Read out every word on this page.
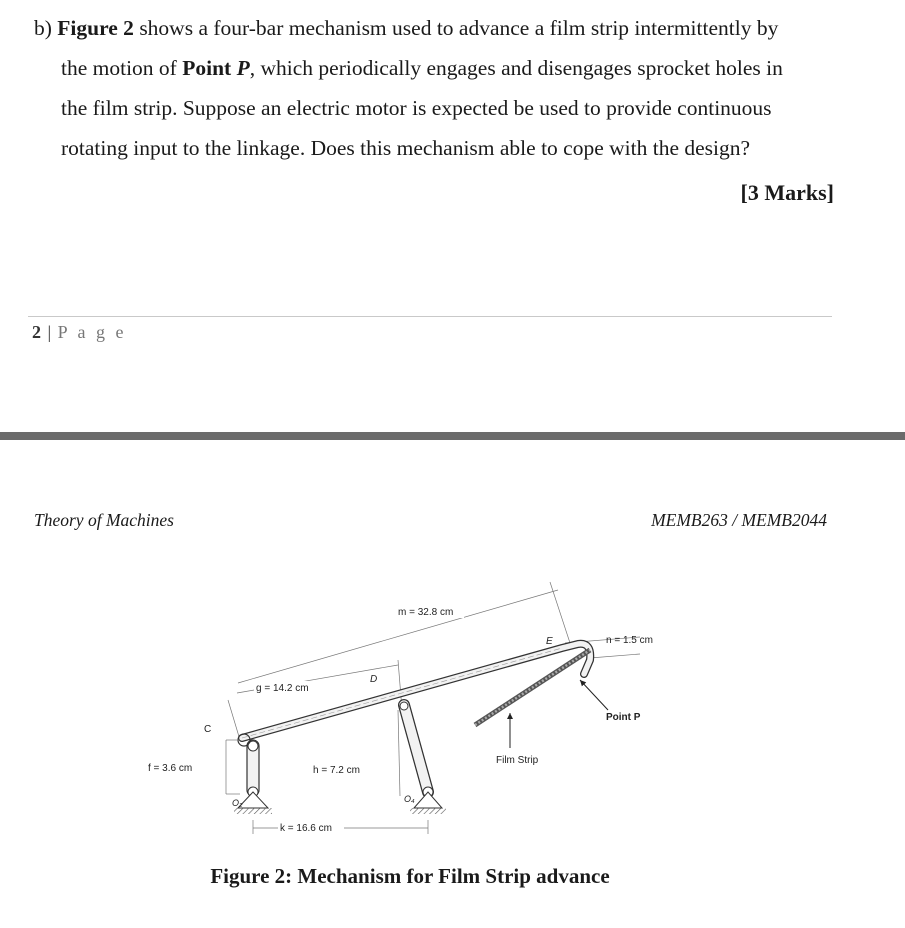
b) Figure 2 shows a four-bar mechanism used to advance a film strip intermittently by
the motion of Point P, which periodically engages and disengages sprocket holes in
the film strip. Suppose an electric motor is expected be used to provide continuous
rotating input to the linkage. Does this mechanism able to cope with the design?
[3 Marks]
2 | P a g e
Theory of Machines	MEMB263 / MEMB2044
m = 32.8 cm
n = 1.5 cm
g = 14.2 cm
O₂	O₄
D
E
C
Point P
Film Strip
f = 3.6 cm	h = 7.2 cm
k = 16.6 cm
Figure 2: Mechanism for Film Strip advance
